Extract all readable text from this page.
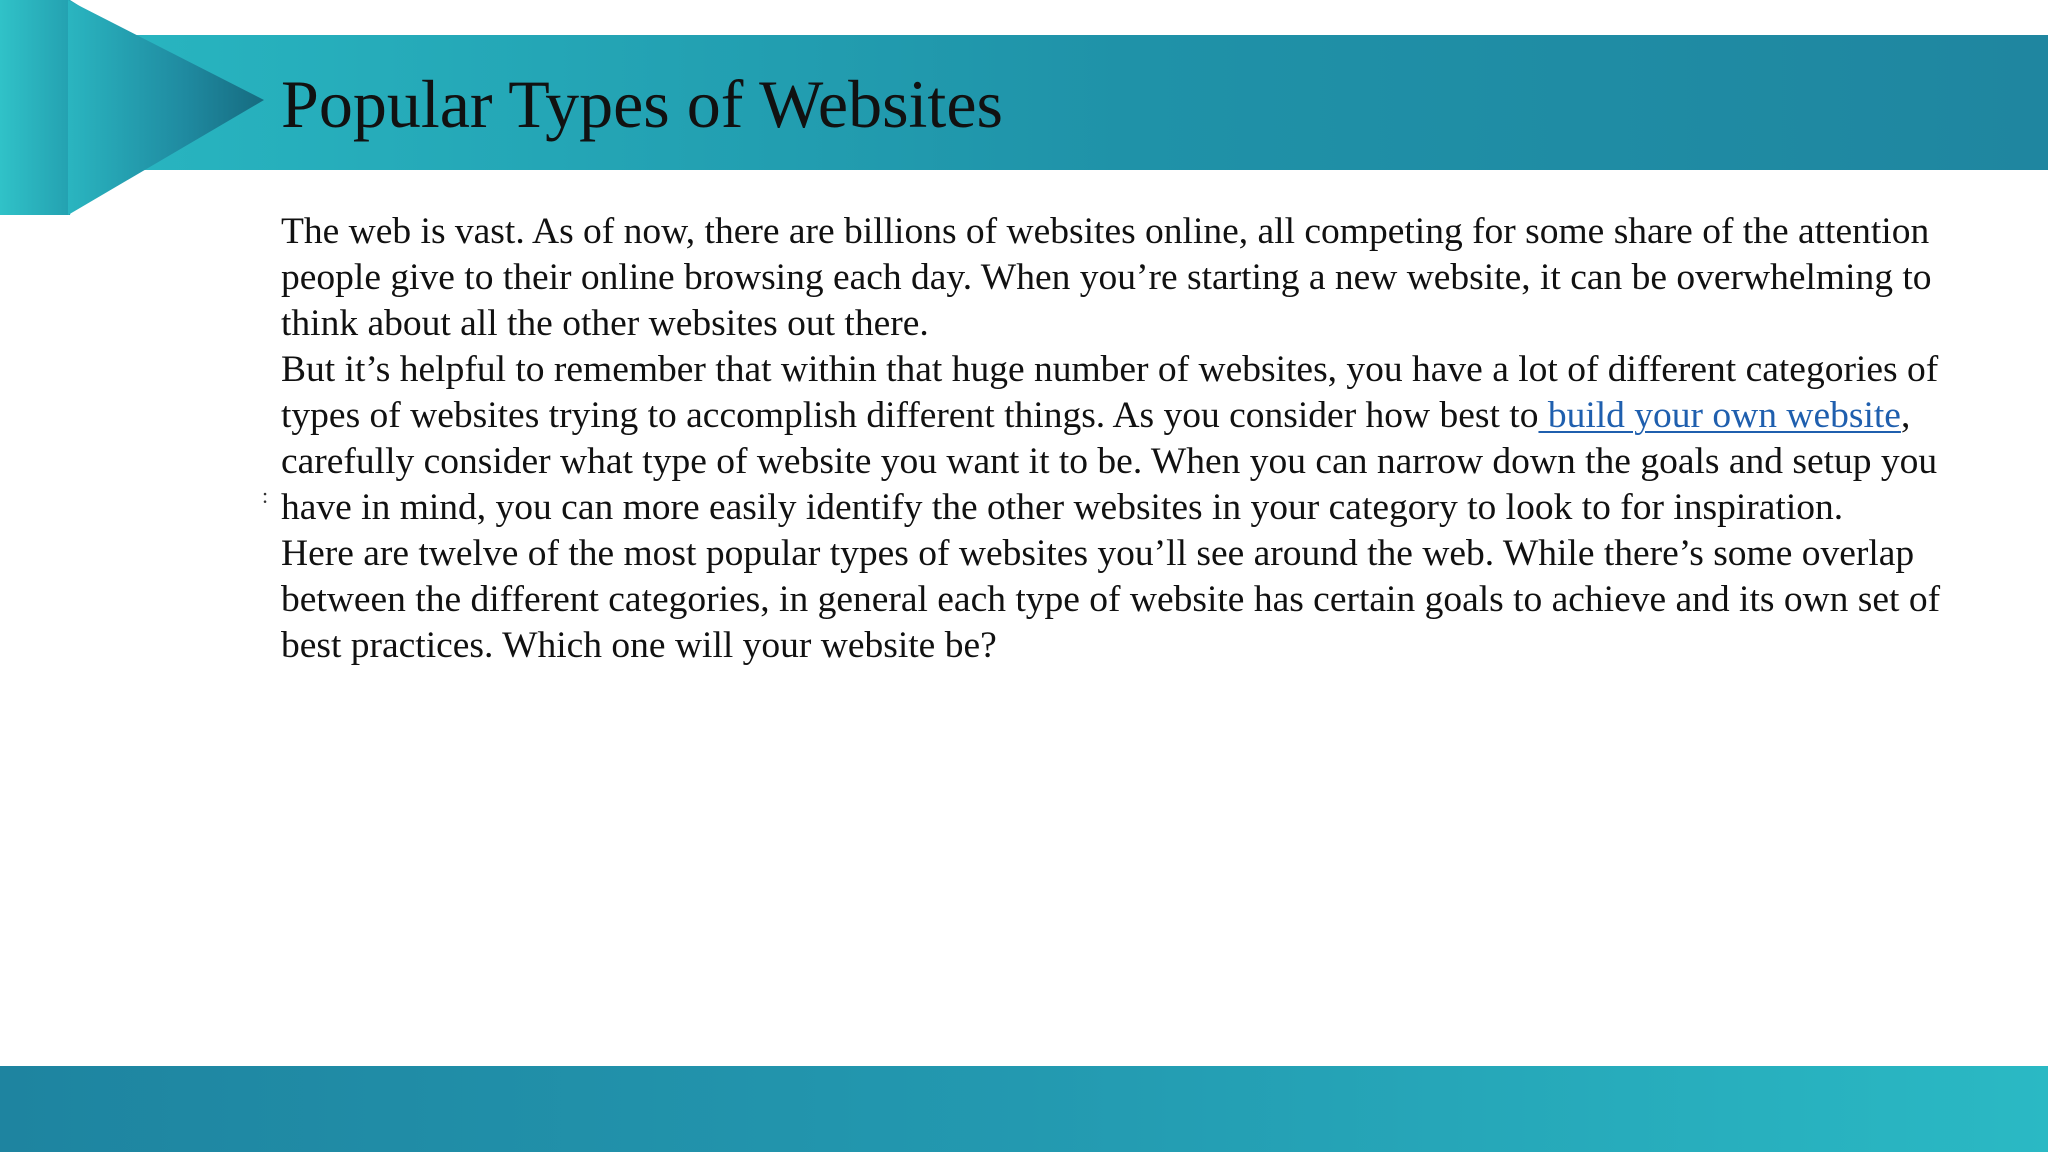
Popular Types of Websites
:

The web is vast. As of now, there are billions of websites online, all competing for some share of the attention people give to their online browsing each day. When you’re starting a new website, it can be overwhelming to think about all the other websites out there.

But it’s helpful to remember that within that huge number of websites, you have a lot of different categories of types of websites trying to accomplish different things. As you consider how best to build your own website, carefully consider what type of website you want it to be. When you can narrow down the goals and setup you have in mind, you can more easily identify the other websites in your category to look to for inspiration.

Here are twelve of the most popular types of websites you’ll see around the web. While there’s some overlap between the different categories, in general each type of website has certain goals to achieve and its own set of best practices. Which one will your website be?
